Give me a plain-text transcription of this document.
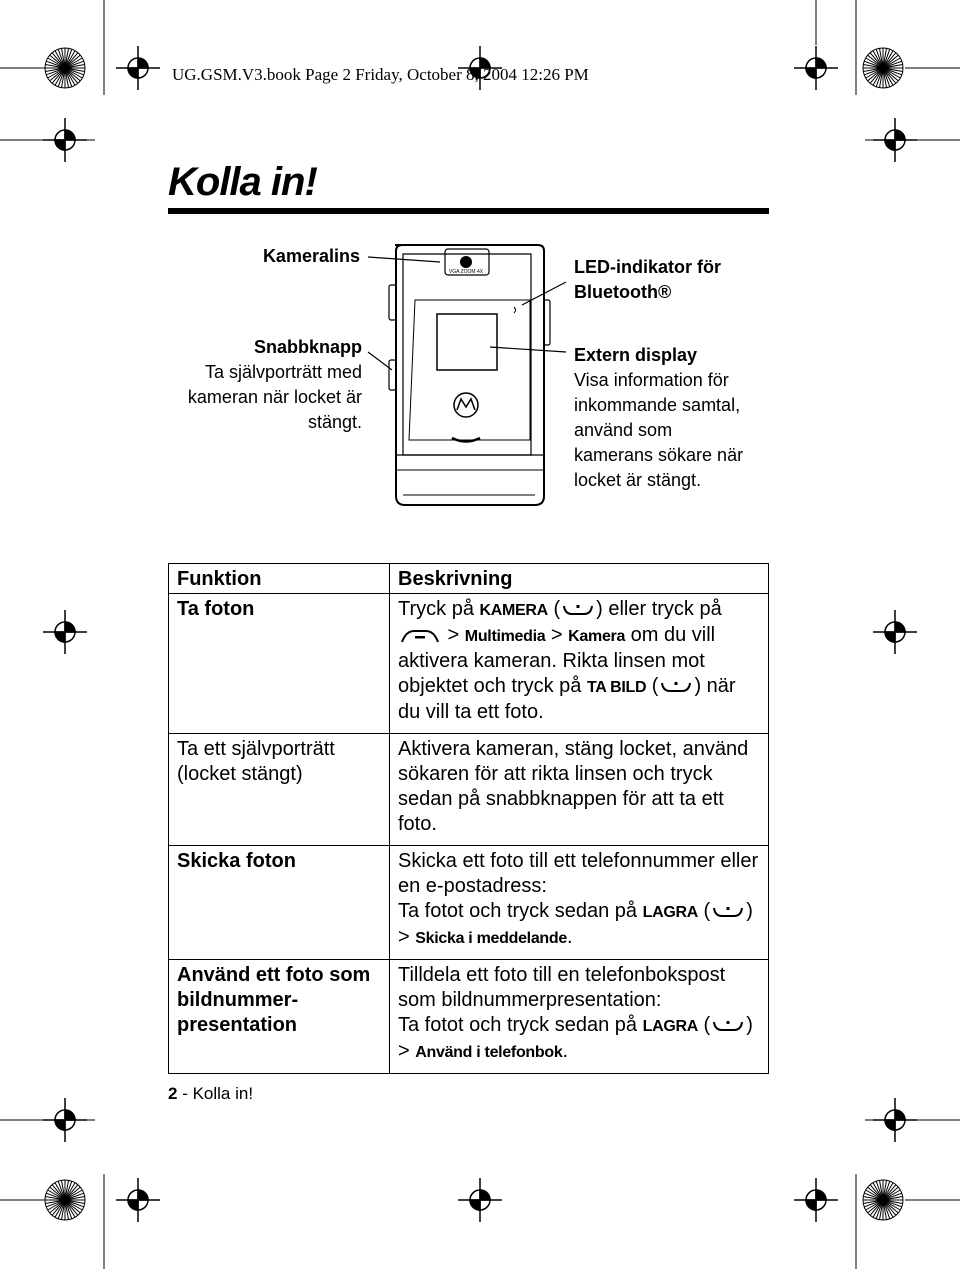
UG.GSM.V3.book Page 2 Friday, October 8, 2004 12:26 PM
Kolla in!
VGA ZOOM 4X
Kameralins
Snabbknapp
Ta självporträtt med kameran när locket är stängt.
LED-indikator för Bluetooth®
Extern display
Visa information för inkommande samtal, använd som kamerans sökare när locket är stängt.
Funktion	Beskrivning
Ta foton	Tryck på KAMERA ( ) eller tryck på
> Multimedia > Kamera om du vill aktivera kameran. Rikta linsen mot objektet och tryck på TA BILD ( ) när du vill ta ett foto.
Ta ett självporträtt (locket stängt)	Aktivera kameran, stäng locket, använd sökaren för att rikta linsen och tryck sedan på snabbknappen för att ta ett foto.
Skicka foton	Skicka ett foto till ett telefonnummer eller en e-postadress:
Ta fotot och tryck sedan på LAGRA ( )
> Skicka i meddelande.
Använd ett foto som bildnummer-presentation	Tilldela ett foto till en telefonbokspost som bildnummerpresentation:
Ta fotot och tryck sedan på LAGRA ( )
> Använd i telefonbok.
2 - Kolla in!
